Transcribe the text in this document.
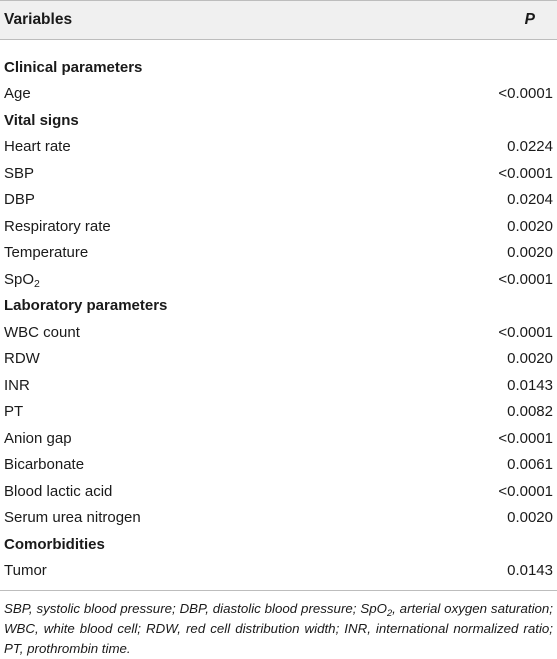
Variables	P
Clinical parameters
Age	<0.0001
Vital signs
Heart rate	0.0224
SBP	<0.0001
DBP	0.0204
Respiratory rate	0.0020
Temperature	0.0020
SpO$_2$	<0.0001
Laboratory parameters
WBC count	<0.0001
RDW	0.0020
INR	0.0143
PT	0.0082
Anion gap	<0.0001
Bicarbonate	0.0061
Blood lactic acid	<0.0001
Serum urea nitrogen	0.0020
Comorbidities
Tumor	0.0143
SBP, systolic blood pressure; DBP, diastolic blood pressure; SpO$_2$, arterial oxygen saturation; WBC, white blood cell; RDW, red cell distribution width; INR, international normalized ratio; PT, prothrombin time.
